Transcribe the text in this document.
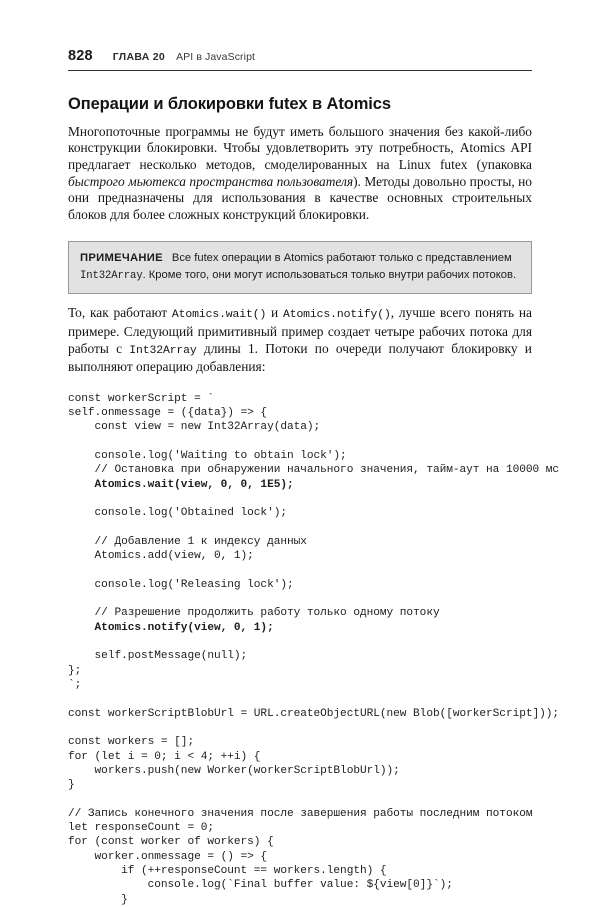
828 ГЛАВА 20 API в JavaScript
Операции и блокировки futex в Atomics

Многопоточные программы не будут иметь большого значения без какой-либо конструкции блокировки. Чтобы удовлетворить эту потребность, Atomics API предлагает несколько методов, смоделированных на Linux futex (упаковка быстрого мьютекса пространства пользователя). Методы довольно просты, но они предназначены для использования в качестве основных строительных блоков для более сложных конструкций блокировки.

ПРИМЕЧАНИЕ Все futex операции в Atomics работают только с представлением Int32Array. Кроме того, они могут использоваться только внутри рабочих потоков.

То, как работают Atomics.wait() и Atomics.notify(), лучше всего понять на примере. Следующий примитивный пример создает четыре рабочих потока для работы с Int32Array длины 1. Потоки по очереди получают блокировку и выполняют операцию добавления:

const workerScript = `
self.onmessage = ({data}) => {
const view = new Int32Array(data);

console.log('Waiting to obtain lock');
// Остановка при обнаружении начального значения, тайм-аут на 10000 мс
Atomics.wait(view, 0, 0, 1E5);

console.log('Obtained lock');

// Добавление 1 к индексу данных
Atomics.add(view, 0, 1);

console.log('Releasing lock');

// Разрешение продолжить работу только одному потоку
Atomics.notify(view, 0, 1);

self.postMessage(null);
};
`;

const workerScriptBlobUrl = URL.createObjectURL(new Blob([workerScript]));

const workers = [];
for (let i = 0; i < 4; ++i) {
workers.push(new Worker(workerScriptBlobUrl));
}

// Запись конечного значения после завершения работы последним потоком
let responseCount = 0;
for (const worker of workers) {
worker.onmessage = () => {
if (++responseCount == workers.length) {
console.log(`Final buffer value: ${view[0]}`);
}
